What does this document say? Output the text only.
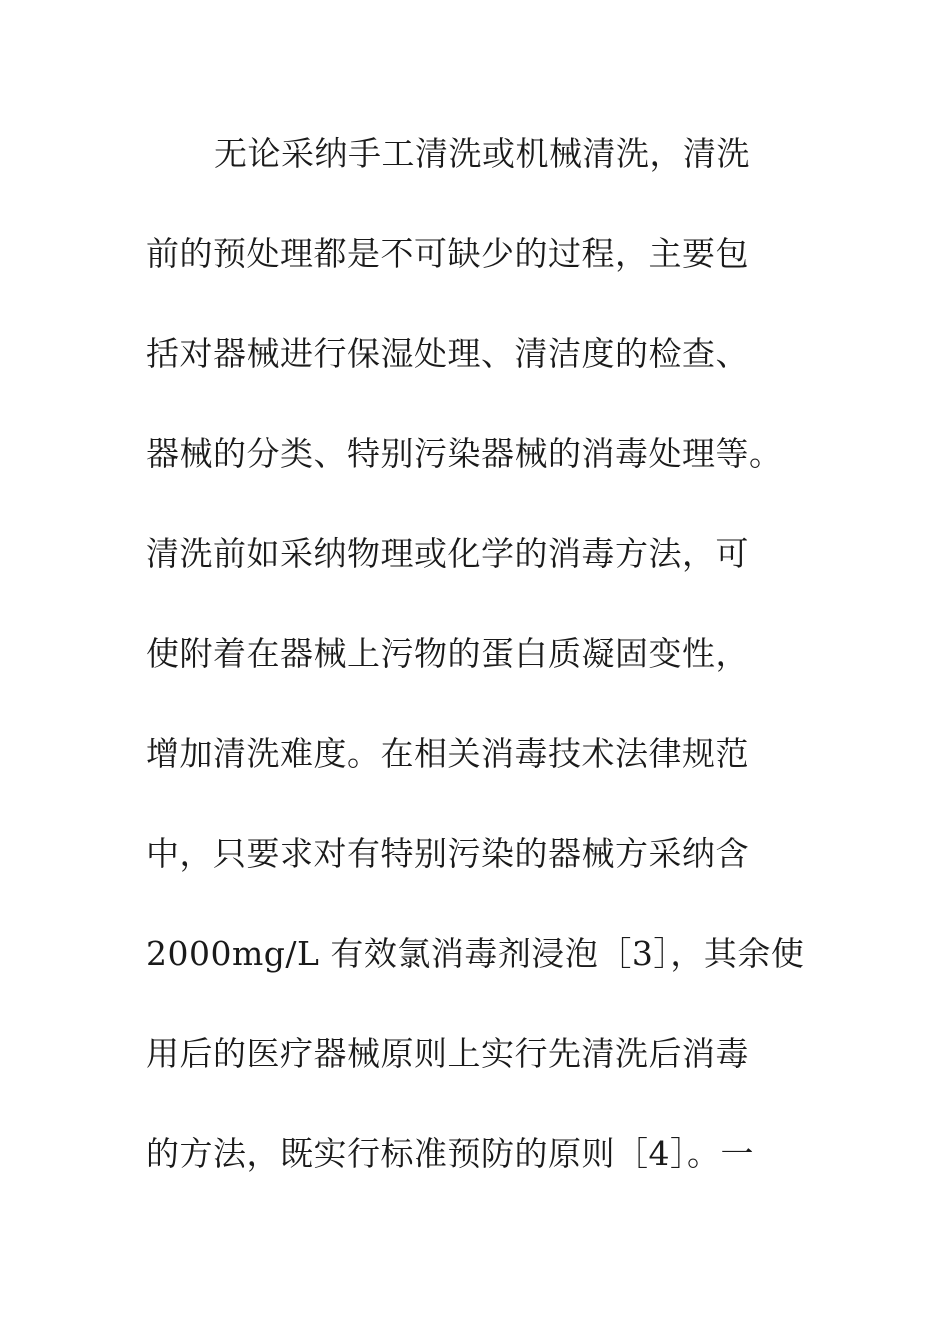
无论采纳手工清洗或机械清洗，清洗
前的预处理都是不可缺少的过程，主要包
括对器械进行保湿处理、清洁度的检查、
器械的分类、特别污染器械的消毒处理等。
清洗前如采纳物理或化学的消毒方法，可
使附着在器械上污物的蛋白质凝固变性，
增加清洗难度。在相关消毒技术法律规范
中，只要求对有特别污染的器械方采纳含
2000mg/L 有效氯消毒剂浸泡［3］，其余使
用后的医疗器械原则上实行先清洗后消毒
的方法，既实行标准预防的原则［4］。一
